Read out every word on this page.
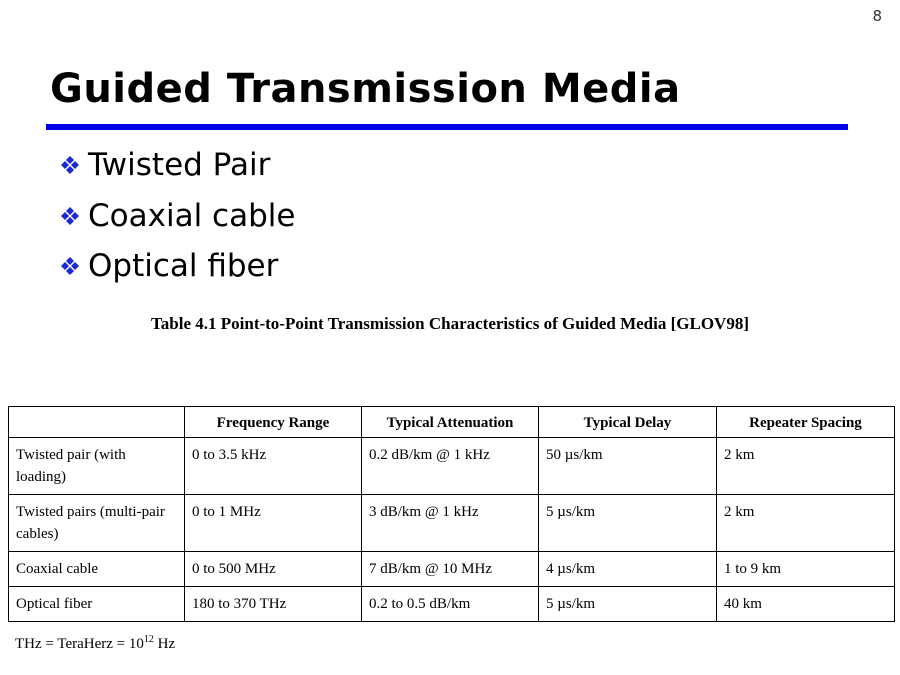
8
Guided Transmission Media
Twisted Pair
Coaxial cable
Optical fiber
Table 4.1 Point-to-Point Transmission Characteristics of Guided Media [GLOV98]
	Frequency Range	Typical Attenuation	Typical Delay	Repeater Spacing
Twisted pair (with loading)	0 to 3.5 kHz	0.2 dB/km @ 1 kHz	50 µs/km	2 km
Twisted pairs (multi-pair cables)	0 to 1 MHz	3 dB/km @ 1 kHz	5 µs/km	2 km
Coaxial cable	0 to 500 MHz	7 dB/km @ 10 MHz	4 µs/km	1 to 9 km
Optical fiber	180 to 370 THz	0.2 to 0.5 dB/km	5 µs/km	40 km
THz = TeraHerz = $10^{12}$ Hz
